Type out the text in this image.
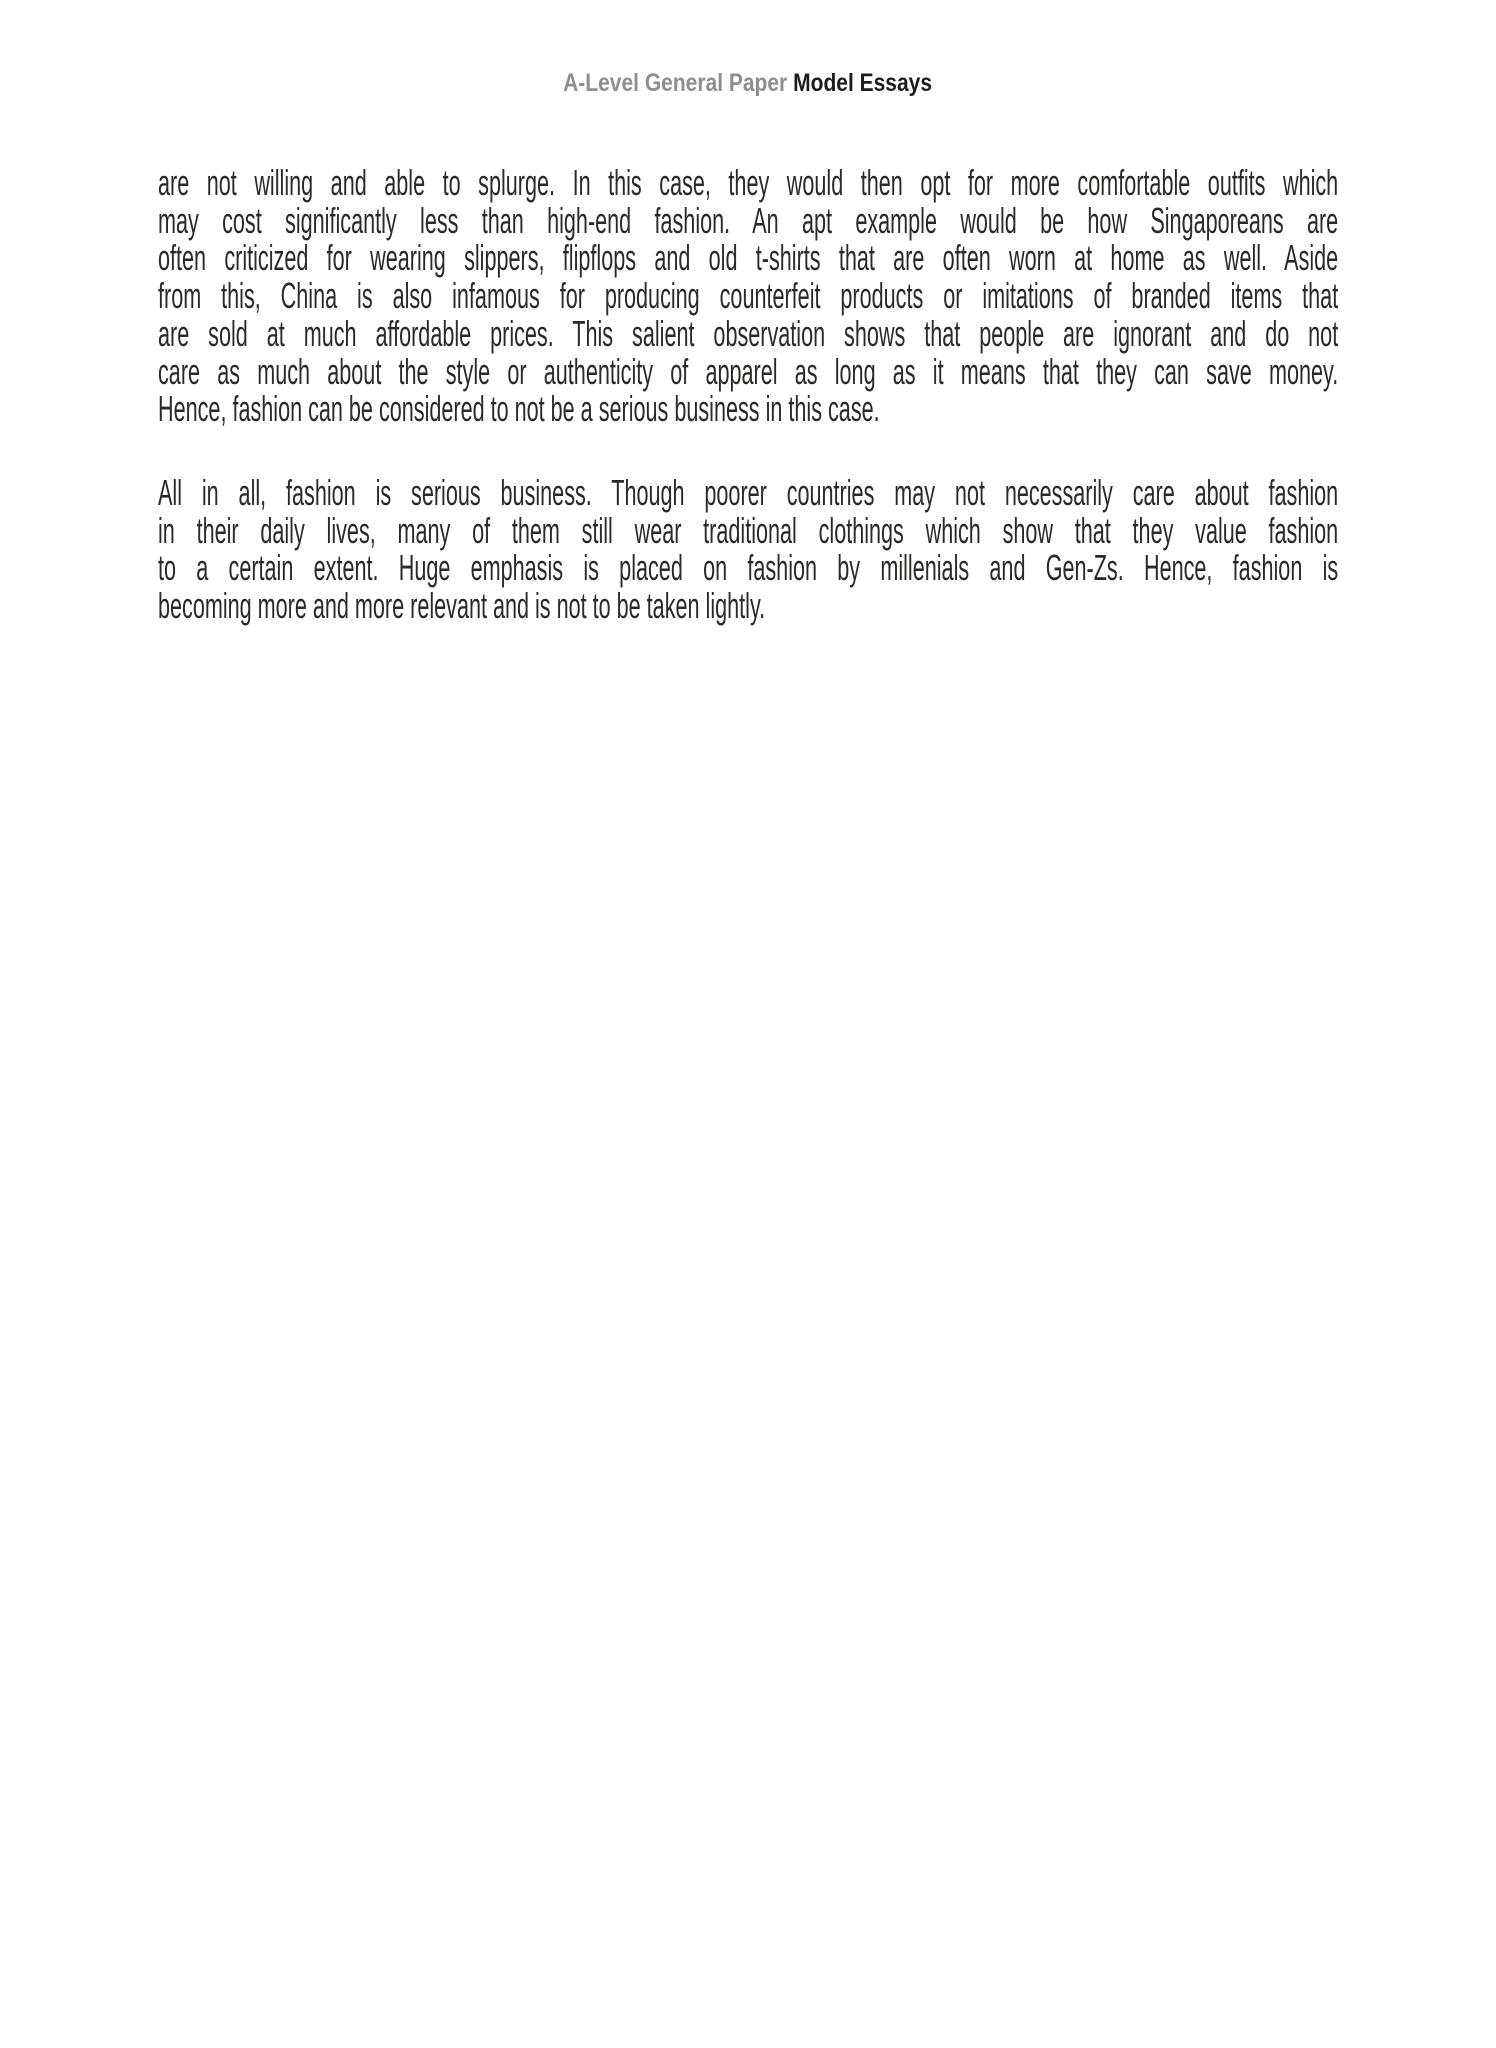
A-Level General Paper Model Essays
are not willing and able to splurge. In this case, they would then opt for more comfortable outfits which
may cost significantly less than high-end fashion. An apt example would be how Singaporeans are
often criticized for wearing slippers, flipflops and old t-shirts that are often worn at home as well. Aside
from this, China is also infamous for producing counterfeit products or imitations of branded items that
are sold at much affordable prices. This salient observation shows that people are ignorant and do not
care as much about the style or authenticity of apparel as long as it means that they can save money.
Hence, fashion can be considered to not be a serious business in this case.
All in all, fashion is serious business. Though poorer countries may not necessarily care about fashion
in their daily lives, many of them still wear traditional clothings which show that they value fashion
to a certain extent. Huge emphasis is placed on fashion by millenials and Gen-Zs. Hence, fashion is
becoming more and more relevant and is not to be taken lightly.
